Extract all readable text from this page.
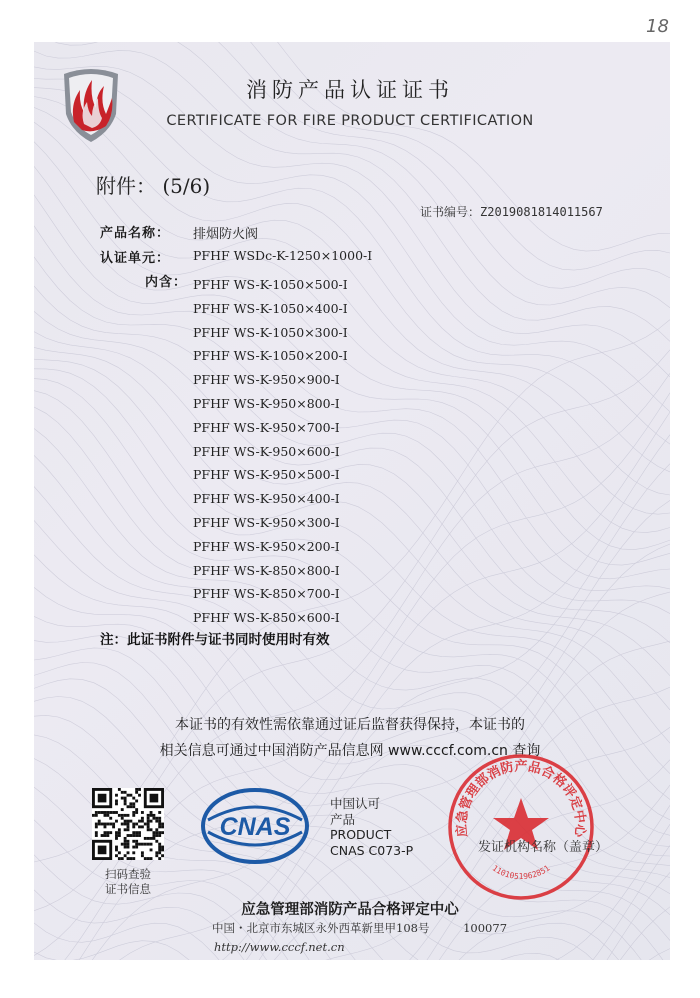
18
消防产品认证证书
CERTIFICATE FOR FIRE PRODUCT CERTIFICATION
附件： (5/6)
证书编号：Z2019081814011567
产品名称： 排烟防火阀
认证单元： PFHF WSDc-K-1250×1000-I
内含： PFHF WS-K-1050×500-I
PFHF WS-K-1050×400-I
PFHF WS-K-1050×300-I
PFHF WS-K-1050×200-I
PFHF WS-K-950×900-I
PFHF WS-K-950×800-I
PFHF WS-K-950×700-I
PFHF WS-K-950×600-I
PFHF WS-K-950×500-I
PFHF WS-K-950×400-I
PFHF WS-K-950×300-I
PFHF WS-K-950×200-I
PFHF WS-K-850×800-I
PFHF WS-K-850×700-I
PFHF WS-K-850×600-I
注：此证书附件与证书同时使用时有效
本证书的有效性需依靠通过证后监督获得保持，本证书的
相关信息可通过中国消防产品信息网 www.cccf.com.cn 查询
扫码查验
证书信息
CNAS
中国认可
产品
PRODUCT
CNAS C073-P
应急管理部消防产品合格评定中心
1101051962851
发证机构名称（盖章）
应急管理部消防产品合格评定中心
中国・北京市东城区永外西革新里甲108号	100077
http://www.cccf.net.cn
